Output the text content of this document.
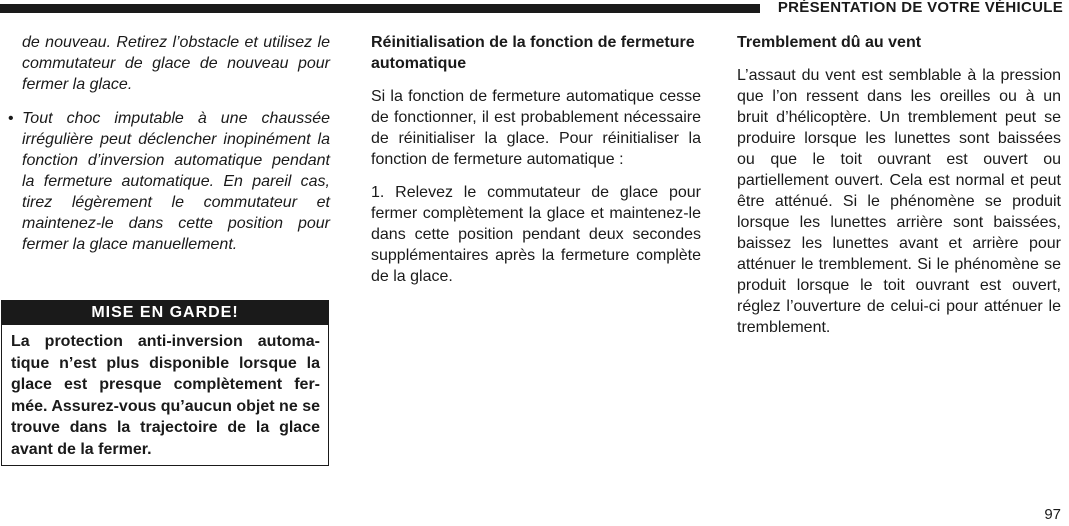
PRÉSENTATION DE VOTRE VÉHICULE

de nouveau. Retirez l’obstacle et utilisez le commutateur de glace de nouveau pour fermer la glace.

• Tout choc imputable à une chaussée irrégulière peut déclencher inopinément la fonction d’inversion automatique pendant la fermeture automatique. En pareil cas, tirez légèrement le commutateur et maintenez-le dans cette position pour fermer la glace manuellement.

MISE EN GARDE!
La protection anti-inversion automatique n’est plus disponible lorsque la glace est presque complètement fermée. Assurez-vous qu’aucun objet ne se trouve dans la trajectoire de la glace avant de la fermer.

Réinitialisation de la fonction de fermeture automatique

Si la fonction de fermeture automatique cesse de fonctionner, il est probablement nécessaire de réinitialiser la glace. Pour réinitialiser la fonction de fermeture automatique :

1. Relevez le commutateur de glace pour fermer complètement la glace et maintenez-le dans cette position pendant deux secondes supplémentaires après la fermeture complète de la glace.

Tremblement dû au vent

L’assaut du vent est semblable à la pression que l’on ressent dans les oreilles ou à un bruit d’hélicoptère. Un tremblement peut se produire lorsque les lunettes sont baissées ou que le toit ouvrant est ouvert ou partiellement ouvert. Cela est normal et peut être atténué. Si le phénomène se produit lorsque les lunettes arrière sont baissées, baissez les lunettes avant et arrière pour atténuer le tremblement. Si le phénomène se produit lorsque le toit ouvrant est ouvert, réglez l’ouverture de celui-ci pour atténuer le tremblement.

97
